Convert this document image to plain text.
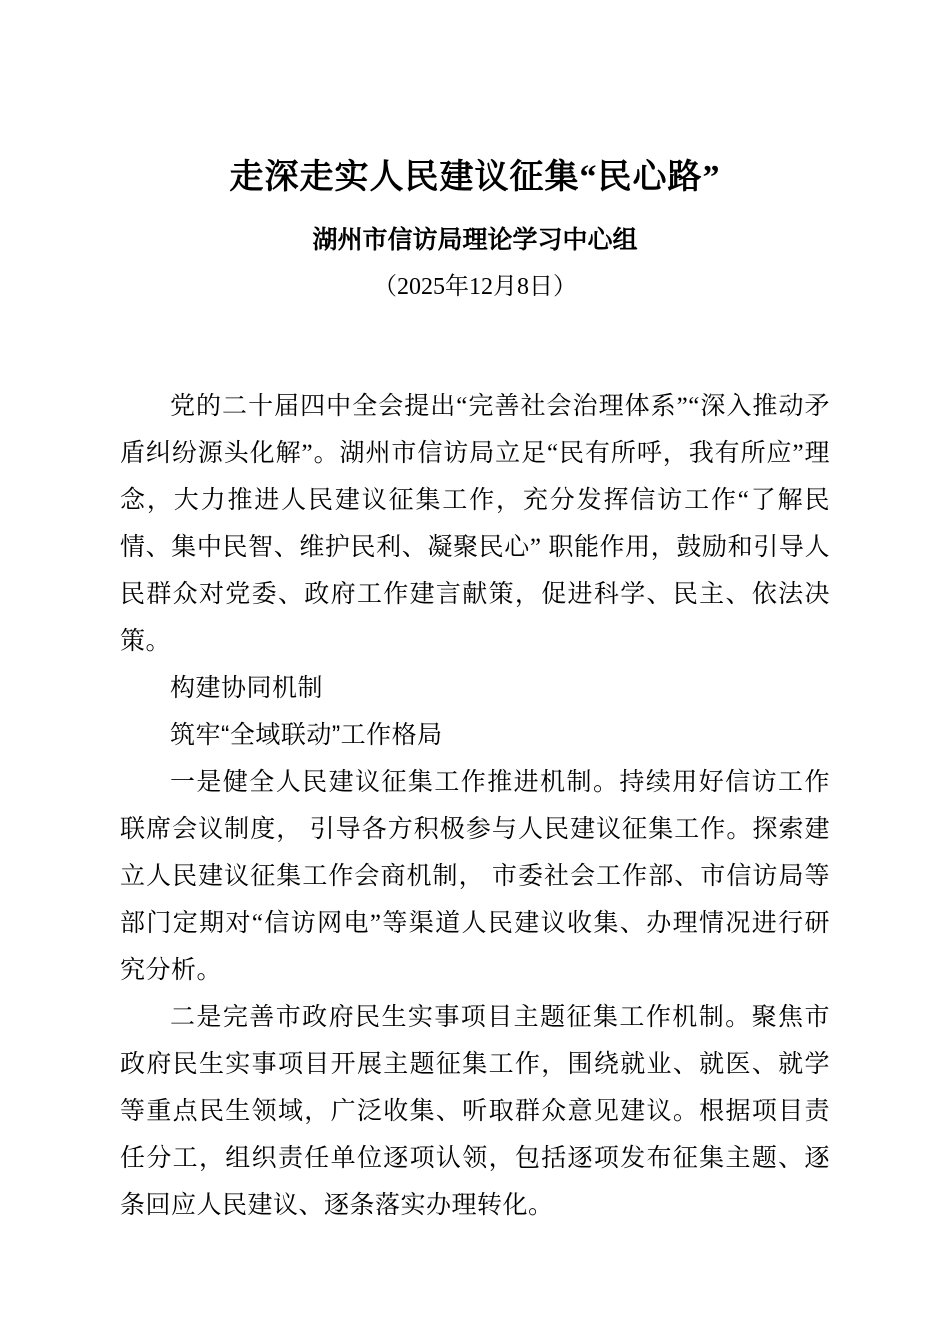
走深走实人民建议征集“民心路”
湖州市信访局理论学习中心组
（2025年12月8日）

党的二十届四中全会提出“完善社会治理体系”“深入推动矛盾纠纷源头化解”。湖州市信访局立足“民有所呼，我有所应”理念，大力推进人民建议征集工作，充分发挥信访工作“了解民情、集中民智、维护民利、凝聚民心” 职能作用，鼓励和引导人民群众对党委、政府工作建言献策，促进科学、民主、依法决策。

构建协同机制

筑牢“全域联动”工作格局

一是健全人民建议征集工作推进机制。持续用好信访工作联席会议制度， 引导各方积极参与人民建议征集工作。探索建立人民建议征集工作会商机制， 市委社会工作部、市信访局等部门定期对“信访网电”等渠道人民建议收集、办理情况进行研究分析。

二是完善市政府民生实事项目主题征集工作机制。聚焦市政府民生实事项目开展主题征集工作，围绕就业、就医、就学等重点民生领域，广泛收集、听取群众意见建议。根据项目责任分工，组织责任单位逐项认领，包括逐项发布征集主题、逐条回应人民建议、逐条落实办理转化。
